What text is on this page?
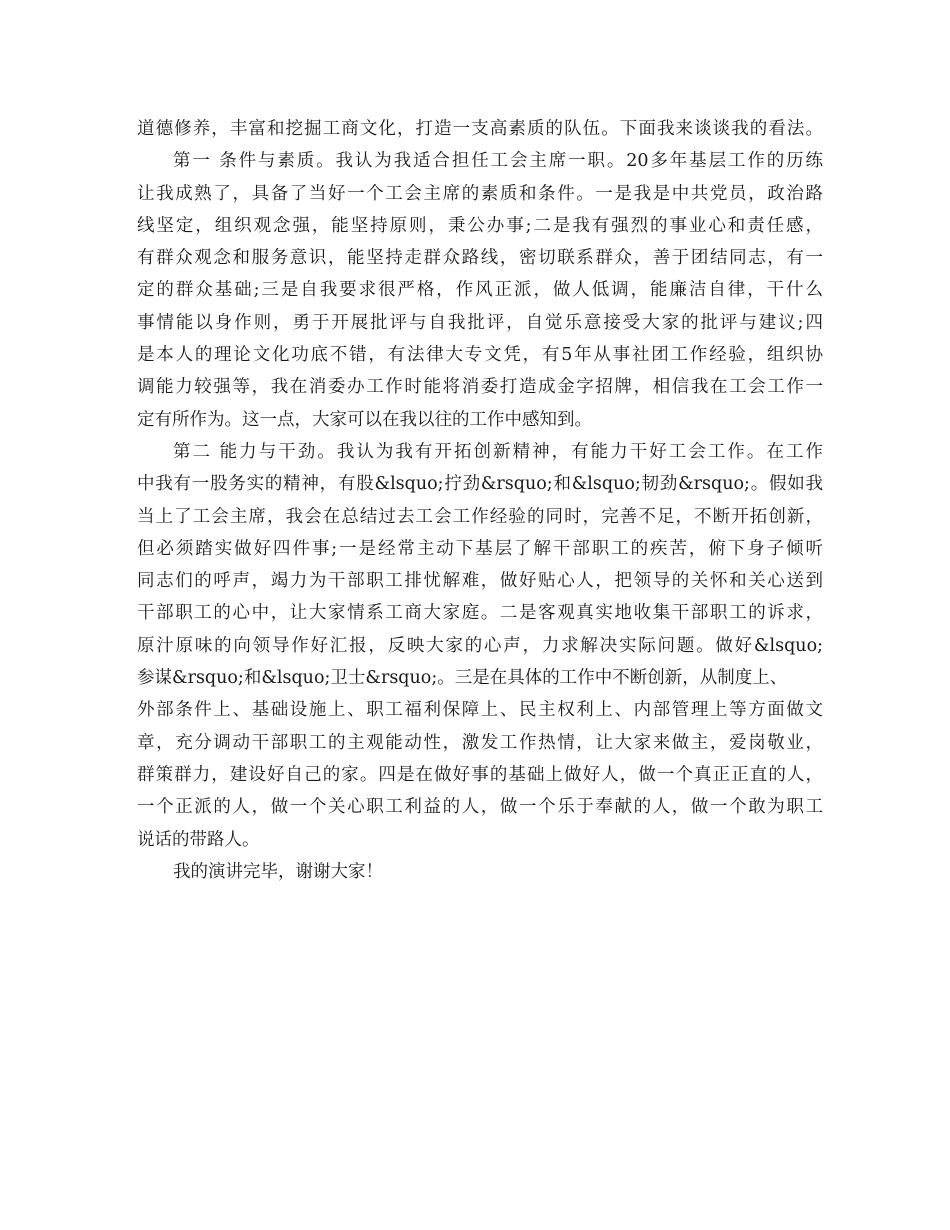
道德修养，丰富和挖掘工商文化，打造一支高素质的队伍。下面我来谈谈我的看法。
第一 条件与素质。我认为我适合担任工会主席一职。20多年基层工作的历练
让我成熟了，具备了当好一个工会主席的素质和条件。一是我是中共党员，政治路
线坚定，组织观念强，能坚持原则，秉公办事;二是我有强烈的事业心和责任感，
有群众观念和服务意识，能坚持走群众路线，密切联系群众，善于团结同志，有一
定的群众基础;三是自我要求很严格，作风正派，做人低调，能廉洁自律，干什么
事情能以身作则，勇于开展批评与自我批评，自觉乐意接受大家的批评与建议;四
是本人的理论文化功底不错，有法律大专文凭，有5年从事社团工作经验，组织协
调能力较强等，我在消委办工作时能将消委打造成金字招牌，相信我在工会工作一
定有所作为。这一点，大家可以在我以往的工作中感知到。
第二 能力与干劲。我认为我有开拓创新精神，有能力干好工会工作。在工作
中我有一股务实的精神，有股&lsquo;拧劲&rsquo;和&lsquo;韧劲&rsquo;。假如我
当上了工会主席，我会在总结过去工会工作经验的同时，完善不足，不断开拓创新，
但必须踏实做好四件事;一是经常主动下基层了解干部职工的疾苦，俯下身子倾听
同志们的呼声，竭力为干部职工排忧解难，做好贴心人，把领导的关怀和关心送到
干部职工的心中，让大家情系工商大家庭。二是客观真实地收集干部职工的诉求，
原汁原味的向领导作好汇报，反映大家的心声，力求解决实际问题。做好&lsquo;
参谋&rsquo;和&lsquo;卫士&rsquo;。三是在具体的工作中不断创新，从制度上、
外部条件上、基础设施上、职工福利保障上、民主权利上、内部管理上等方面做文
章，充分调动干部职工的主观能动性，激发工作热情，让大家来做主，爱岗敬业，
群策群力，建设好自己的家。四是在做好事的基础上做好人，做一个真正正直的人，
一个正派的人，做一个关心职工利益的人，做一个乐于奉献的人，做一个敢为职工
说话的带路人。
我的演讲完毕，谢谢大家！
